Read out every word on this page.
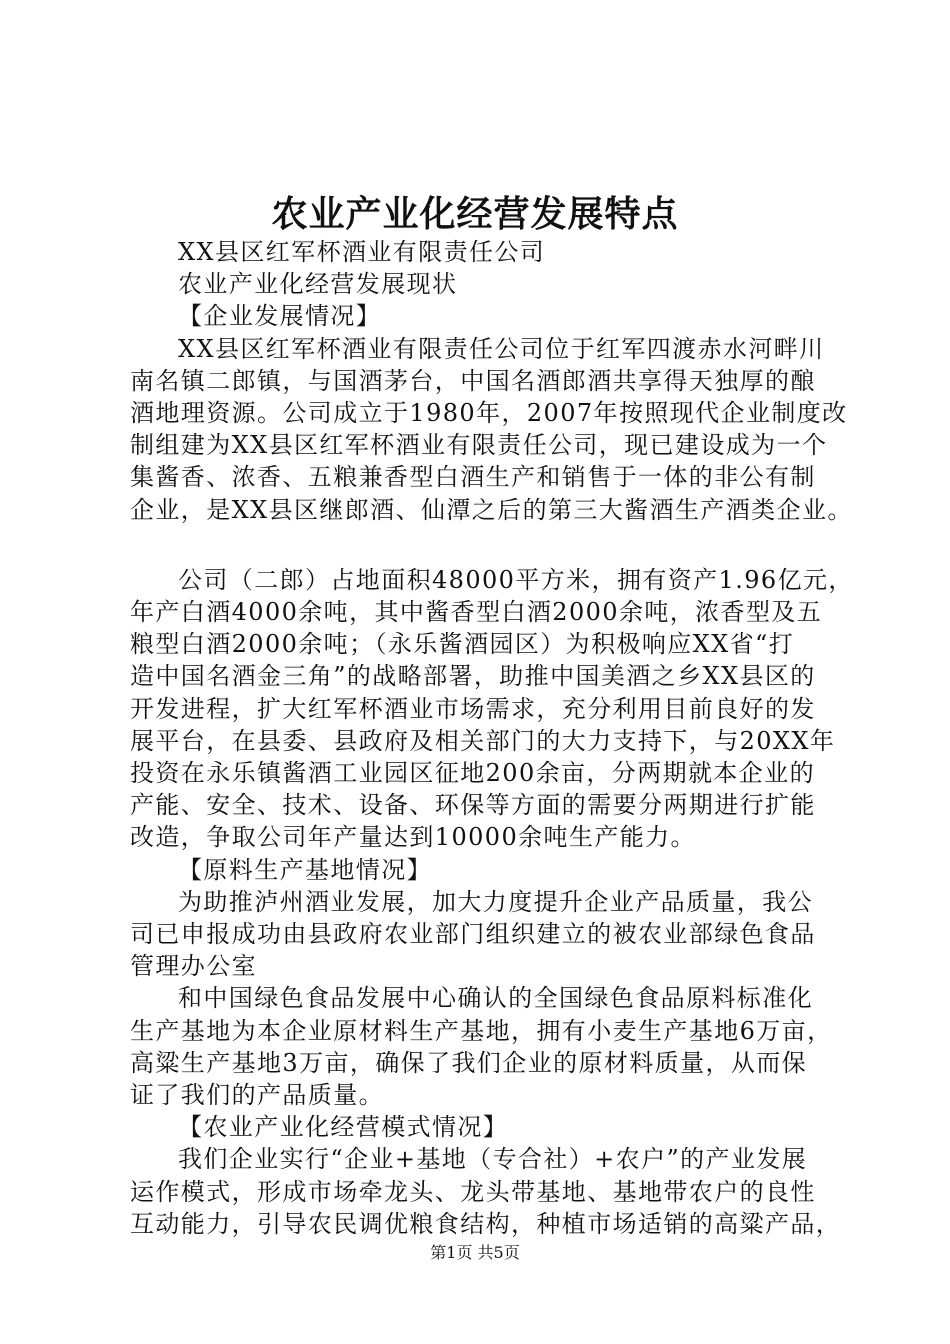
农业产业化经营发展特点

XX县区红军杯酒业有限责任公司

农业产业化经营发展现状

【企业发展情况】

XX县区红军杯酒业有限责任公司位于红军四渡赤水河畔川

南名镇二郎镇，与国酒茅台，中国名酒郎酒共享得天独厚的酿

酒地理资源。公司成立于1980年，2007年按照现代企业制度改

制组建为XX县区红军杯酒业有限责任公司，现已建设成为一个

集酱香、浓香、五粮兼香型白酒生产和销售于一体的非公有制

企业，是XX县区继郎酒、仙潭之后的第三大酱酒生产酒类企业。

公司（二郎）占地面积48000平方米，拥有资产1.96亿元，

年产白酒4000余吨，其中酱香型白酒2000余吨，浓香型及五

粮型白酒2000余吨；（永乐酱酒园区）为积极响应XX省“打

造中国名酒金三角”的战略部署，助推中国美酒之乡XX县区的

开发进程，扩大红军杯酒业市场需求，充分利用目前良好的发

展平台，在县委、县政府及相关部门的大力支持下，与20XX年

投资在永乐镇酱酒工业园区征地200余亩，分两期就本企业的

产能、安全、技术、设备、环保等方面的需要分两期进行扩能

改造，争取公司年产量达到10000余吨生产能力。

【原料生产基地情况】

为助推泸州酒业发展，加大力度提升企业产品质量，我公

司已申报成功由县政府农业部门组织建立的被农业部绿色食品

管理办公室

和中国绿色食品发展中心确认的全国绿色食品原料标准化

生产基地为本企业原材料生产基地，拥有小麦生产基地6万亩，

高粱生产基地3万亩，确保了我们企业的原材料质量，从而保

证了我们的产品质量。

【农业产业化经营模式情况】

我们企业实行“企业+基地（专合社）+农户”的产业发展

运作模式，形成市场牵龙头、龙头带基地、基地带农户的良性

互动能力，引导农民调优粮食结构，种植市场适销的高粱产品，

第1页 共5页
